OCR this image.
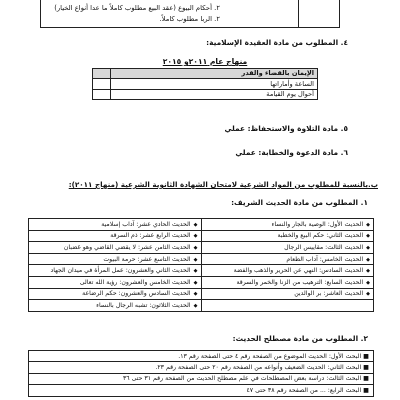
٢. أحكام البيوع (عقد البيع مطلوب كاملاً ما عدا أنواع الخيار)
٢. الربا مطلوب كاملاً.
٤. المطلوب من مادة العقيدة الإسلامية:
منهاج عام ٢٠١١و ٢٠١٥	
الإيمان بالقضاء والقدر	
الساعة وأماراتها	
أحوال يوم القيامة	
٥. مادة التلاوة والاستحفاظ: عملي
٦. مادة الدعوة والخطابة: عملي
ب.بالنسبة للمطلوب من المواد الشرعية لامتحان الشهادة الثانوية الشرعية (منهاج ٢٠١١):
١. المطلوب من مادة الحديث الشريف:
◆الحديث الأول: الوصية بالجار والنساء	◆الحديث الحادي عشر: آداب إسلامية
◆الحديث الثاني: حكم البيع والخطبة	◆الحديث الرابع عشر: ذم السرقة
◆الحديث الثالث: مقاييس الرجال	◆الحديث الثامن عشر: لا يقضي القاضي وهو غضبان
◆الحديث الخامس: آداب الطعام	◆الحديث التاسع عشر: حرمة البيوت
◆الحديث السادس: النهي عن الحرير والذهب والفضة	◆الحديث الثاني والعشرون: عمل المرأة في ميدان الجهاد
◆الحديث السابع: الترهيب من الزنا والخمر والسرقة	◆الحديث الخامس والعشرون: رؤية الله تعالى
◆الحديث العاشر: بر الوالدين	◆الحديث السادس والعشرون: حكم الرضاعة
	◆الحديث الثلاثون: تشبه الرجال بالنساء
٢. المطلوب من مادة مصطلح الحديث:
■ البحث الأول: الحديث الموضوع من الصفحة رقم ٤ حتى الصفحة رقم ١٣.
■ البحث الثاني: الحديث الضعيف وأنواعه من الصفحة رقم ٢٠ حتى الصفحة رقم ٢٣.
■ البحث الثالث: دراسة بعض المصطلحات في علم مصطلح الحديث من الصفحة رقم ٣١ حتى ٣٦
■ البحث الرابع: ... من الصفحة رقم ٣٨ حتى ٤٧
